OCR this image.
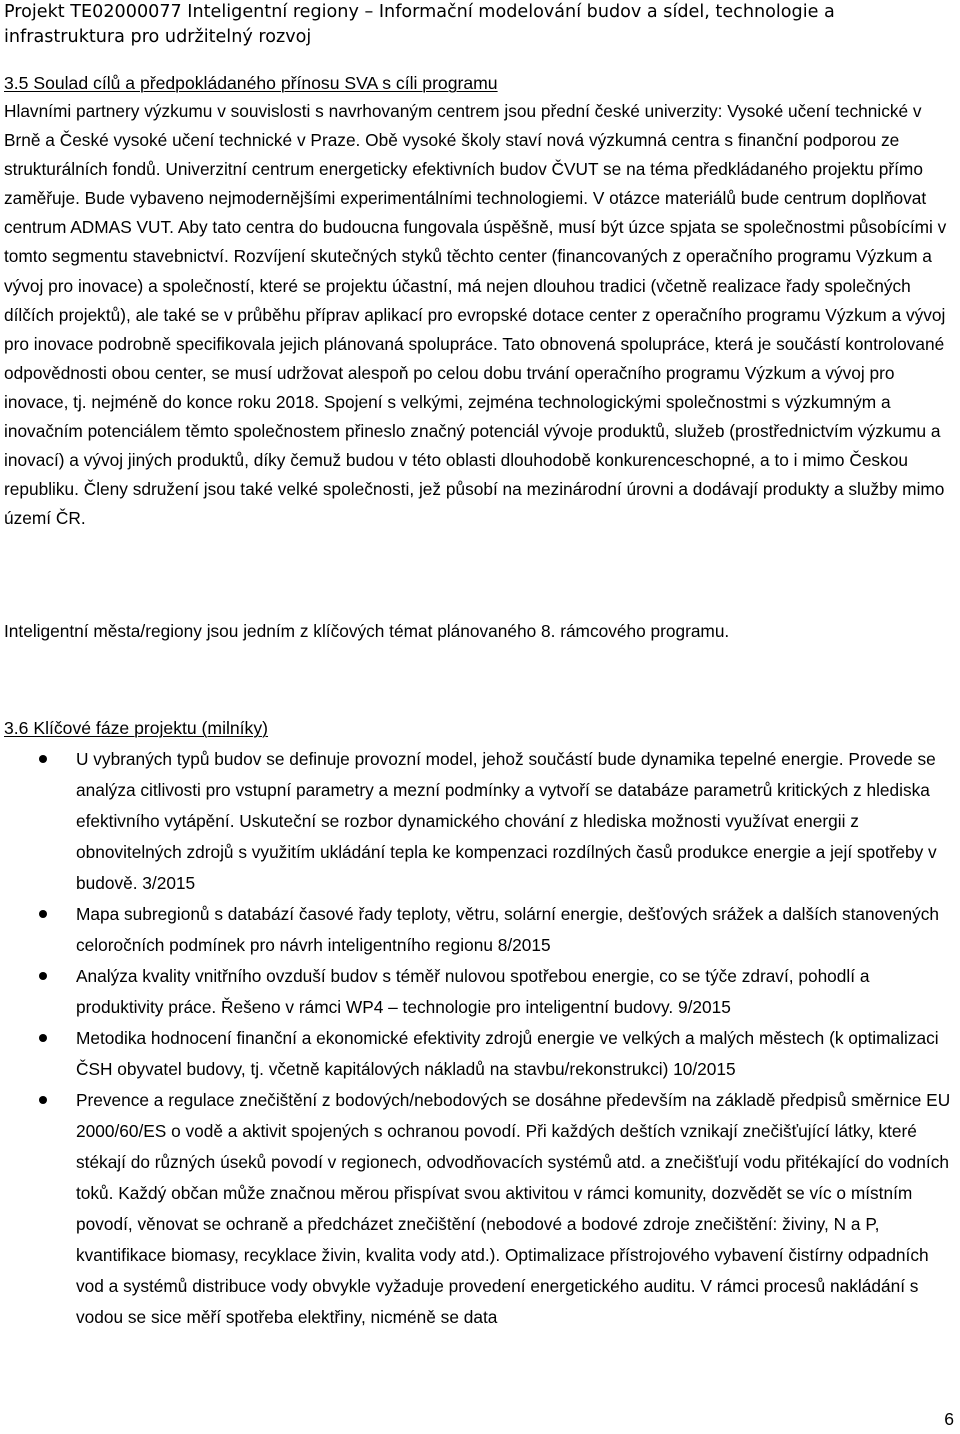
Projekt TE02000077 Inteligentní regiony – Informační modelování budov a sídel, technologie a infrastruktura pro udržitelný rozvoj
3.5 Soulad cílů a předpokládaného přínosu SVA s cíli programu
Hlavními partnery výzkumu v souvislosti s navrhovaným centrem jsou přední české univerzity: Vysoké učení technické v Brně a České vysoké učení technické v Praze. Obě vysoké školy staví nová výzkumná centra s finanční podporou ze strukturálních fondů. Univerzitní centrum energeticky efektivních budov ČVUT se na téma předkládaného projektu přímo zaměřuje. Bude vybaveno nejmodernějšími experimentálními technologiemi. V otázce materiálů bude centrum doplňovat centrum ADMAS VUT. Aby tato centra do budoucna fungovala úspěšně, musí být úzce spjata se společnostmi působícími v tomto segmentu stavebnictví. Rozvíjení skutečných styků těchto center (financovaných z operačního programu Výzkum a vývoj pro inovace) a společností, které se projektu účastní, má nejen dlouhou tradici (včetně realizace řady společných dílčích projektů), ale také se v průběhu příprav aplikací pro evropské dotace center z operačního programu Výzkum a vývoj pro inovace podrobně specifikovala jejich plánovaná spolupráce. Tato obnovená spolupráce, která je součástí kontrolované odpovědnosti obou center, se musí udržovat alespoň po celou dobu trvání operačního programu Výzkum a vývoj pro inovace, tj. nejméně do konce roku 2018. Spojení s velkými, zejména technologickými společnostmi s výzkumným a inovačním potenciálem těmto společnostem přineslo značný potenciál vývoje produktů, služeb (prostřednictvím výzkumu a inovací) a vývoj jiných produktů, díky čemuž budou v této oblasti dlouhodobě konkurenceschopné, a to i mimo Českou republiku. Členy sdružení jsou také velké společnosti, jež působí na mezinárodní úrovni a dodávají produkty a služby mimo území ČR.
Inteligentní města/regiony jsou jedním z klíčových témat plánovaného 8. rámcového programu.
3.6 Klíčové fáze projektu (milníky)
U vybraných typů budov se definuje provozní model, jehož součástí bude dynamika tepelné energie. Provede se analýza citlivosti pro vstupní parametry a mezní podmínky a vytvoří se databáze parametrů kritických z hlediska efektivního vytápění. Uskuteční se rozbor dynamického chování z hlediska možnosti využívat energii z obnovitelných zdrojů s využitím ukládání tepla ke kompenzaci rozdílných časů produkce energie a její spotřeby v budově. 3/2015
Mapa subregionů s databází časové řady teploty, větru, solární energie, dešťových srážek a dalších stanovených celoročních podmínek pro návrh inteligentního regionu 8/2015
Analýza kvality vnitřního ovzduší budov s téměř nulovou spotřebou energie, co se týče zdraví, pohodlí a produktivity práce. Řešeno v rámci WP4 – technologie pro inteligentní budovy. 9/2015
Metodika hodnocení finanční a ekonomické efektivity zdrojů energie ve velkých a malých městech (k optimalizaci ČSH obyvatel budovy, tj. včetně kapitálových nákladů na stavbu/rekonstrukci) 10/2015
Prevence a regulace znečištění z bodových/nebodových se dosáhne především na základě předpisů směrnice EU 2000/60/ES o vodě a aktivit spojených s ochranou povodí. Při každých deštích vznikají znečišťující látky, které stékají do různých úseků povodí v regionech, odvodňovacích systémů atd. a znečišťují vodu přitékající do vodních toků. Každý občan může značnou měrou přispívat svou aktivitou v rámci komunity, dozvědět se víc o místním povodí, věnovat se ochraně a předcházet znečištění (nebodové a bodové zdroje znečištění: živiny, N a P, kvantifikace biomasy, recyklace živin, kvalita vody atd.). Optimalizace přístrojového vybavení čistírny odpadních vod a systémů distribuce vody obvykle vyžaduje provedení energetického auditu. V rámci procesů nakládání s vodou se sice měří spotřeba elektřiny, nicméně se data
6
